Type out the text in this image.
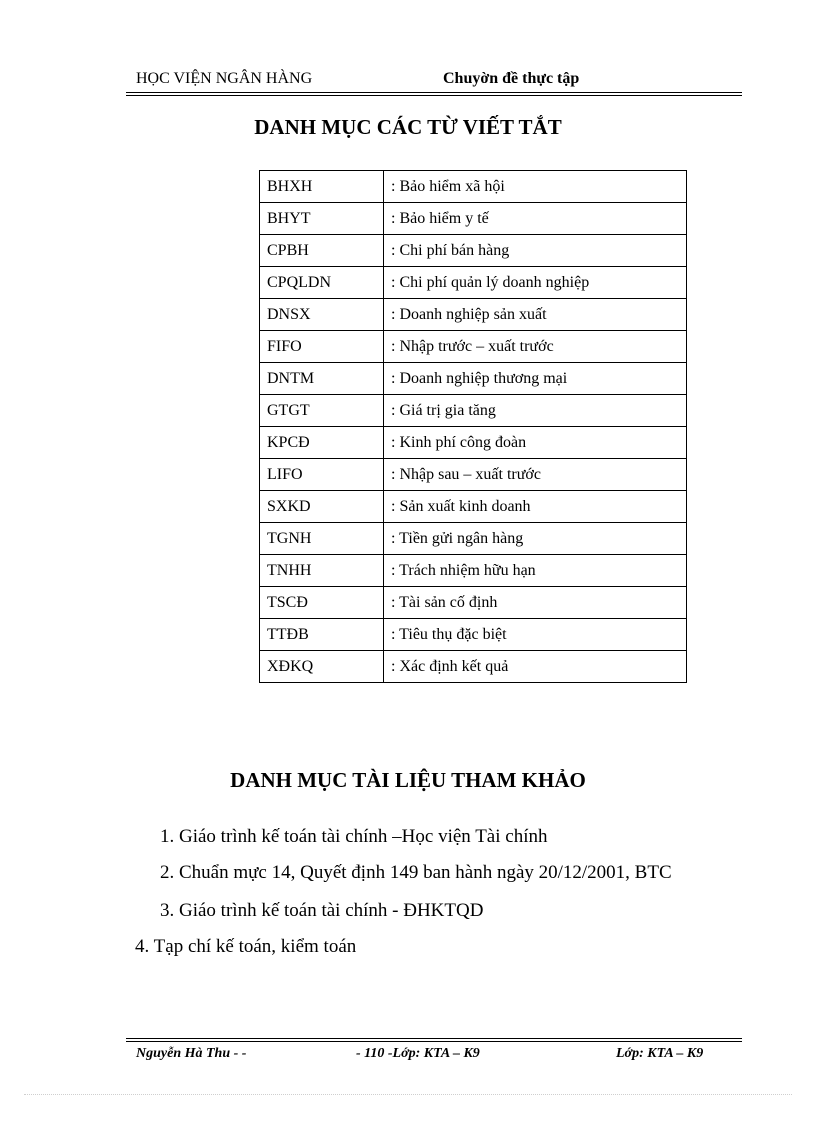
HỌC VIỆN NGÂN HÀNG	Chuyờn đề thực tập
DANH MỤC CÁC TỪ VIẾT TẮT
BHXH	: Bảo hiểm xã hội
BHYT	: Bảo hiểm y tế
CPBH	: Chi phí bán hàng
CPQLDN	: Chi phí quản lý doanh nghiệp
DNSX	: Doanh nghiệp sản xuất
FIFO	: Nhập trước – xuất trước
DNTM	: Doanh nghiệp thương mại
GTGT	: Giá trị gia tăng
KPCĐ	: Kinh phí công đoàn
LIFO	: Nhập sau – xuất trước
SXKD	: Sản xuất kinh doanh
TGNH	: Tiền gửi ngân hàng
TNHH	: Trách nhiệm hữu hạn
TSCĐ	: Tài sản cố định
TTĐB	: Tiêu thụ đặc biệt
XĐKQ	: Xác định kết quả
DANH MỤC TÀI LIỆU THAM KHẢO
1. Giáo trình kế toán tài chính –Học viện Tài chính
2. Chuẩn mực 14, Quyết định 149 ban hành ngày 20/12/2001, BTC
3. Giáo trình kế toán tài chính - ĐHKTQD
4. Tạp chí kế toán, kiểm toán
Nguyễn Hà Thu - -	- 110 -Lớp: KTA – K9	Lớp: KTA – K9
